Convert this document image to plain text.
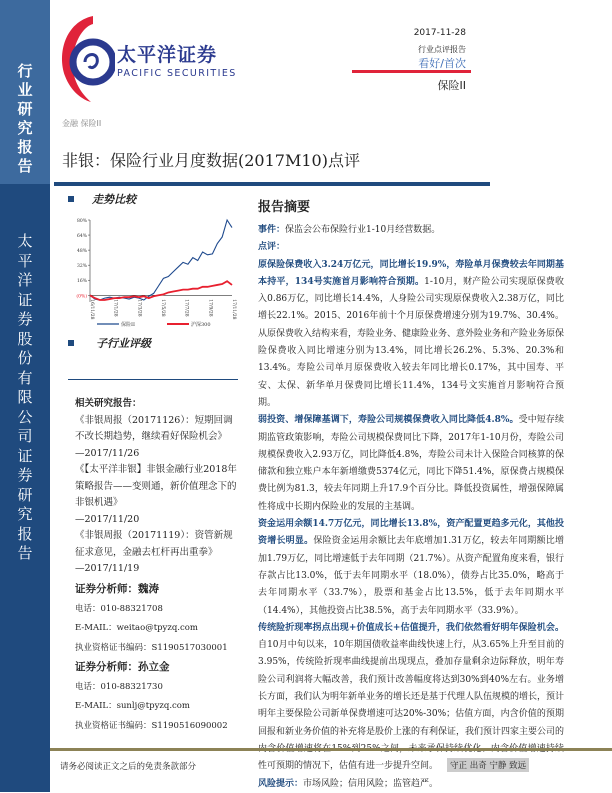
行
业
研
究
报
告
太
平
洋
证
券
股
份
有
限
公
司
证
券
研
究
报
告
太平洋证券
PACIFIC SECURITIES
2017-11-28
行业点评报告
看好/首次
保险II
金融 保险II
非银：保险行业月度数据(2017M10)点评
走势比较
80%
64%
48%
32%
16%
(0%)
16/11/28	17/1/28	17/3/28	17/5/28	17/7/28	17/9/28	17/11/28
保险II	沪深300
子行业评级
相关研究报告：
《非银周报（20171126）：短期回调不改长期趋势，继续看好保险机会》
—2017/11/26
《【太平洋非银】非银金融行业2018年策略报告——变则通，新价值理念下的非银机遇》
—2017/11/20
《非银周报（20171119）：资管新规征求意见，金融去杠杆再出重拳》
—2017/11/19
证券分析师：魏涛
电话：010-88321708
E-MAIL：weitao@tpyzq.com
执业资格证书编码：S1190517030001
证券分析师：孙立金
电话：010-88321730
E-MAIL：sunlj@tpyzq.com
执业资格证书编码：S1190516090002
报告摘要

事件：保监会公布保险行业1-10月经营数据。

点评：

原保险保费收入3.24万亿元，同比增长19.9%，寿险单月保费较去年同期基本持平，134号实施首月影响符合预期。1-10月，财产险公司实现原保费收入0.86万亿，同比增长14.4%，人身险公司实现原保费收入2.38万亿，同比增长22.1%。2015、2016年前十个月原保费增速分别为19.7%、30.4%。从原保费收入结构来看，寿险业务、健康险业务、意外险业务和产险业务原保险保费收入同比增速分别为13.4%，同比增长26.2%、5.3%、20.3%和13.4%。寿险公司单月原保费收入较去年同比增长0.17%，其中国寿、平安、太保、新华单月保费同比增长11.4%，134号文实施首月影响符合预期。

弱投资、增保障基调下，寿险公司规模保费收入同比降低4.8%。受中短存续期监管政策影响，寿险公司规模保费同比下降，2017年1-10月份，寿险公司规模保费收入2.93万亿，同比降低4.8%，寿险公司未计入保险合同核算的保储款和独立账户本年新增缴费5374亿元，同比下降51.4%，原保费占规模保费比例为81.3，较去年同期上升17.9个百分比。降低投资属性，增强保障属性将成中长期内保险业的发展的主基调。

资金运用余额14.7万亿元，同比增长13.8%，资产配置更趋多元化，其他投资增长明显。保险资金运用余额比去年底增加1.31万亿，较去年同期额比增加1.79万亿，同比增速低于去年同期（21.7%）。从资产配置角度来看，银行存款占比13.0%，低于去年同期水平（18.0%），债券占比35.0%，略高于去年同期水平（33.7%），股票和基金占比13.5%，低于去年同期水平（14.4%），其他投资占比38.5%，高于去年同期水平（33.9%）。

传统险折现率拐点出现+价值成长+估值提升，我们依然看好明年保险机会。自10月中旬以来，10年期国债收益率曲线快速上行，从3.65%上升至目前的3.95%，传统险折现率曲线提前出现现点，叠加存量剩余边际释放，明年寿险公司利润将大幅改善，我们预计改善幅度将达到30%到40%左右。业务增长方面，我们认为明年新单业务的增长还是基于代理人队伍规模的增长，预计明年主要保险公司新单保费增速可达20%-30%；估值方面，内含价值的预期回报和新业务价值的补充将是股价上涨的有利保证，我们预计四家主要公司的 性可预期的情况下，估值有进一步提升空间。

风险提示：市场风险；信用风险；监管趋严。

请务必阅读正文之后的免责条款部分	守正 出奇 宁静 致远
